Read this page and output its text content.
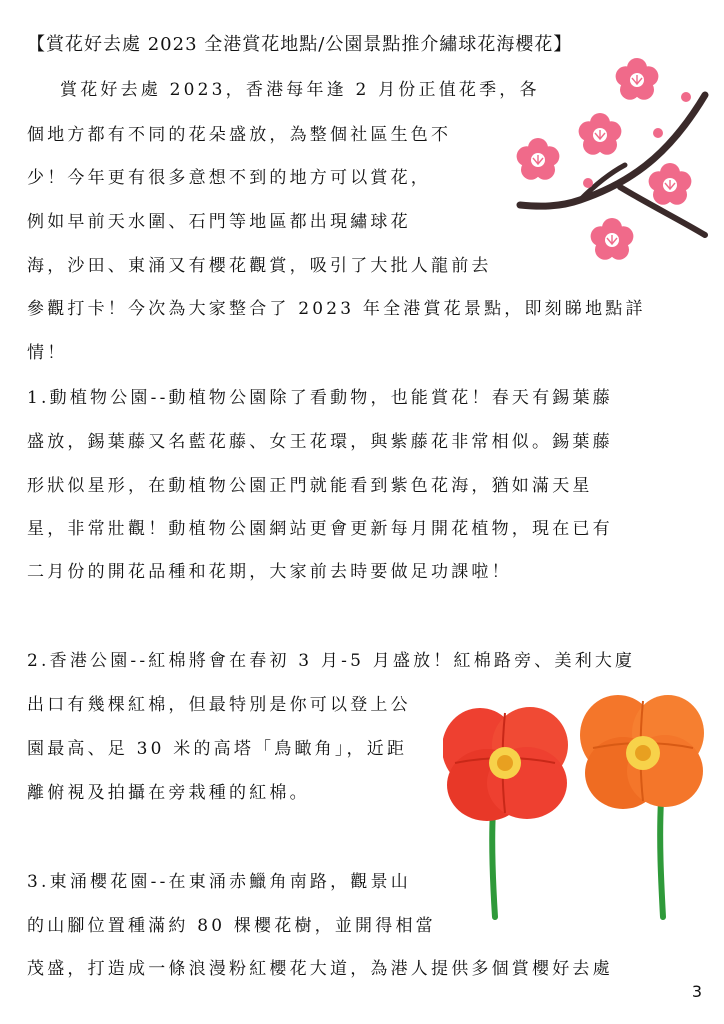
【賞花好去處 2023 全港賞花地點/公園景點推介繡球花海櫻花】
賞花好去處 2023，香港每年逢 2 月份正值花季，各
個地方都有不同的花朵盛放，為整個社區生色不
少！今年更有很多意想不到的地方可以賞花，
例如早前天水圍、石門等地區都出現繡球花
海，沙田、東涌又有櫻花觀賞，吸引了大批人龍前去
參觀打卡！今次為大家整合了 2023 年全港賞花景點，即刻睇地點詳
情！
1.動植物公園--動植物公園除了看動物，也能賞花！春天有錫葉藤
盛放，錫葉藤又名藍花藤、女王花環，與紫藤花非常相似。錫葉藤
形狀似星形，在動植物公園正門就能看到紫色花海，猶如滿天星
星，非常壯觀！動植物公園網站更會更新每月開花植物，現在已有
二月份的開花品種和花期，大家前去時要做足功課啦！
2.香港公園--紅棉將會在春初 3 月-5 月盛放！紅棉路旁、美利大廈
出口有幾棵紅棉，但最特別是你可以登上公
園最高、足 30 米的高塔「鳥瞰角」，近距
離俯視及拍攝在旁栽種的紅棉。
3.東涌櫻花園--在東涌赤鱲角南路，觀景山
的山腳位置種滿約 80 棵櫻花樹，並開得相當
茂盛，打造成一條浪漫粉紅櫻花大道，為港人提供多個賞櫻好去處
3
